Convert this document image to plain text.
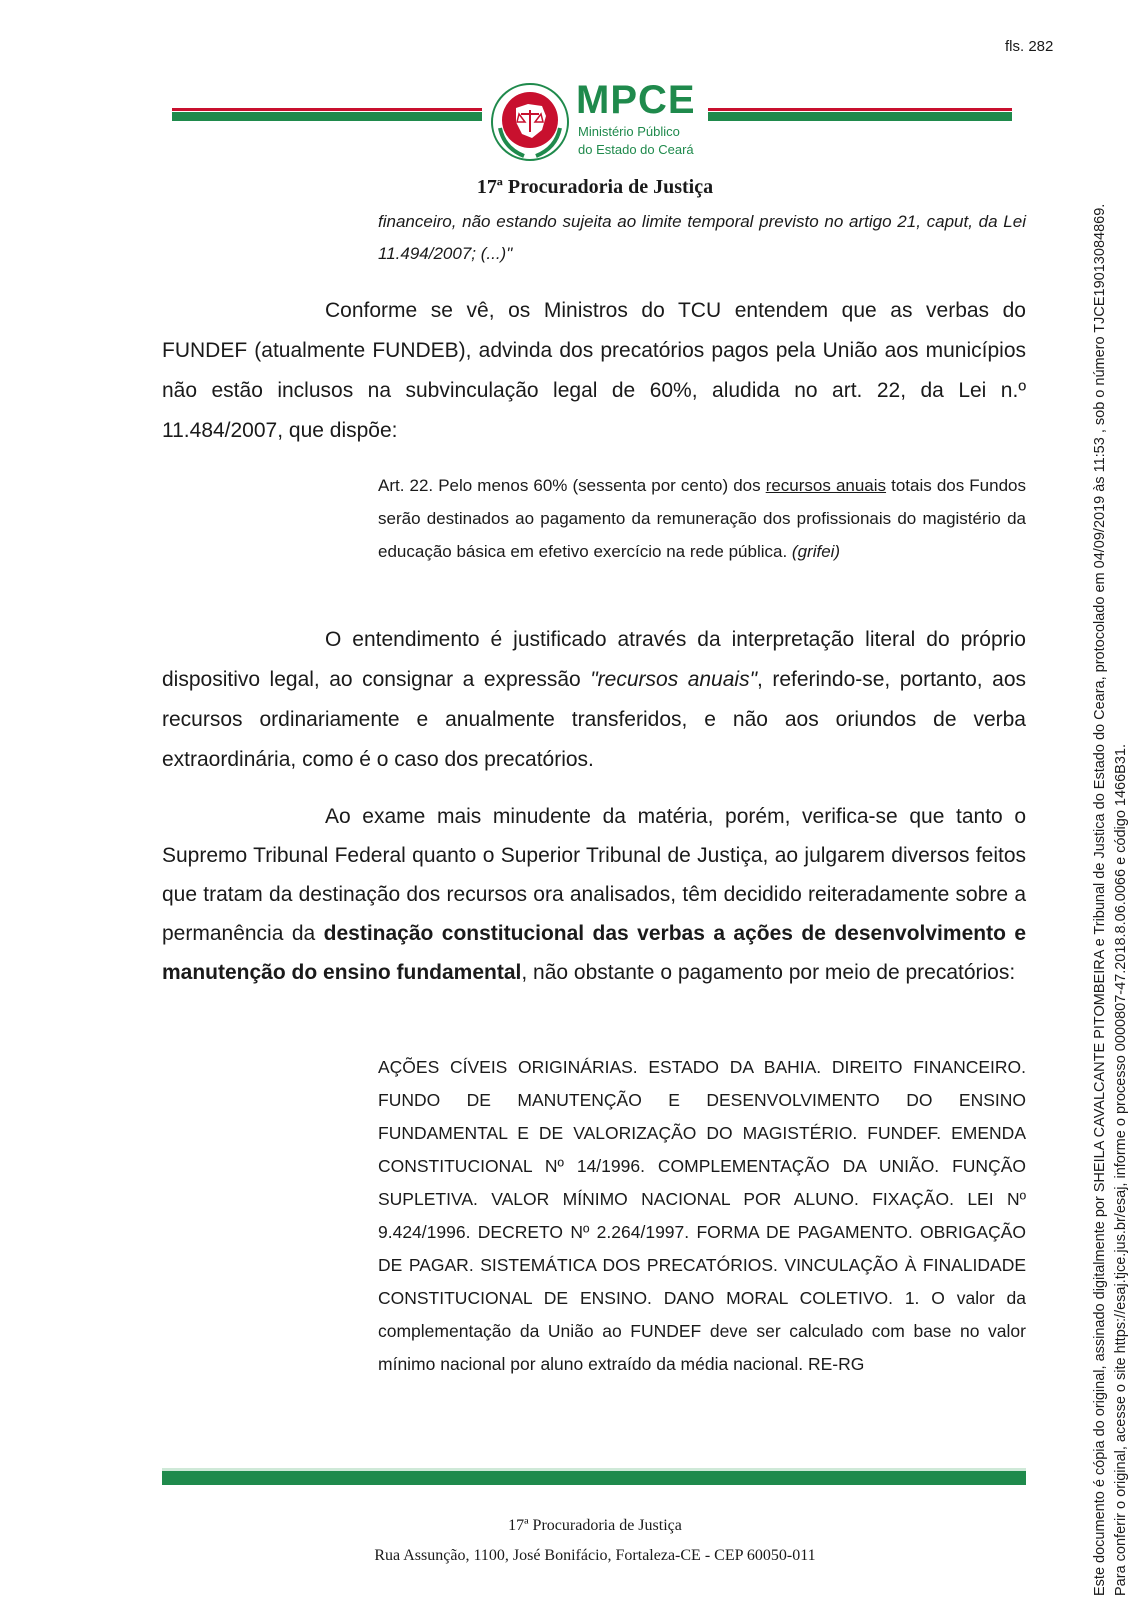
fls. 282
MPCE
Ministério Público
do Estado do Ceará
17ª Procuradoria de Justiça
financeiro, não estando sujeita ao limite temporal previsto no artigo 21, caput, da Lei 11.494/2007; (...)"
Conforme se vê, os Ministros do TCU entendem que as verbas do FUNDEF (atualmente FUNDEB), advinda dos precatórios pagos pela União aos municípios não estão inclusos na subvinculação legal de 60%, aludida no art. 22, da Lei n.º 11.484/2007, que dispõe:
Art. 22. Pelo menos 60% (sessenta por cento) dos recursos anuais totais dos Fundos serão destinados ao pagamento da remuneração dos profissionais do magistério da educação básica em efetivo exercício na rede pública. (grifei)
O entendimento é justificado através da interpretação literal do próprio dispositivo legal, ao consignar a expressão "recursos anuais", referindo-se, portanto, aos recursos ordinariamente e anualmente transferidos, e não aos oriundos de verba extraordinária, como é o caso dos precatórios.
Ao exame mais minudente da matéria, porém, verifica-se que tanto o Supremo Tribunal Federal quanto o Superior Tribunal de Justiça, ao julgarem diversos feitos que tratam da destinação dos recursos ora analisados, têm decidido reiteradamente sobre a permanência da destinação constitucional das verbas a ações de desenvolvimento e manutenção do ensino fundamental, não obstante o pagamento por meio de precatórios:
AÇÕES CÍVEIS ORIGINÁRIAS. ESTADO DA BAHIA. DIREITO FINANCEIRO. FUNDO DE MANUTENÇÃO E DESENVOLVIMENTO DO ENSINO FUNDAMENTAL E DE VALORIZAÇÃO DO MAGISTÉRIO. FUNDEF. EMENDA CONSTITUCIONAL Nº 14/1996. COMPLEMENTAÇÃO DA UNIÃO. FUNÇÃO SUPLETIVA. VALOR MÍNIMO NACIONAL POR ALUNO. FIXAÇÃO. LEI Nº 9.424/1996. DECRETO Nº 2.264/1997. FORMA DE PAGAMENTO. OBRIGAÇÃO DE PAGAR. SISTEMÁTICA DOS PRECATÓRIOS. VINCULAÇÃO À FINALIDADE CONSTITUCIONAL DE ENSINO. DANO MORAL COLETIVO. 1. O valor da complementação da União ao FUNDEF deve ser calculado com base no valor mínimo nacional por aluno extraído da média nacional. RE-RG
17ª Procuradoria de Justiça
Rua Assunção, 1100, José Bonifácio, Fortaleza-CE - CEP 60050-011	Este documento é cópia do original, assinado digitalmente por SHEILA CAVALCANTE PITOMBEIRA e Tribunal de Justica do Estado do Ceara, protocolado em 04/09/2019 às 11:53 , sob o número TJCE19013084869. Para conferir o original, acesse o site https://esaj.tjce.jus.br/esaj, informe o processo 0000807-47.2018.8.06.0066 e código 1466B31.
